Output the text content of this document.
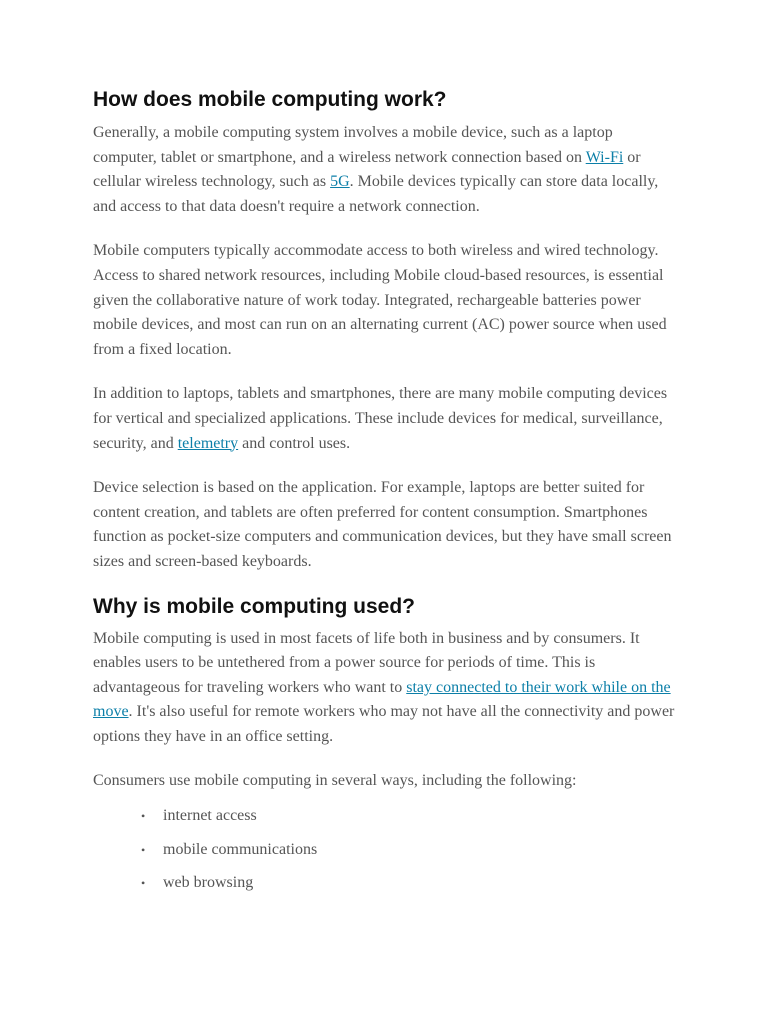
How does mobile computing work?

Generally, a mobile computing system involves a mobile device, such as a laptop computer, tablet or smartphone, and a wireless network connection based on Wi-Fi or cellular wireless technology, such as 5G. Mobile devices typically can store data locally, and access to that data doesn't require a network connection.

Mobile computers typically accommodate access to both wireless and wired technology. Access to shared network resources, including Mobile cloud-based resources, is essential given the collaborative nature of work today. Integrated, rechargeable batteries power mobile devices, and most can run on an alternating current (AC) power source when used from a fixed location.

In addition to laptops, tablets and smartphones, there are many mobile computing devices for vertical and specialized applications. These include devices for medical, surveillance, security, and telemetry and control uses.

Device selection is based on the application. For example, laptops are better suited for content creation, and tablets are often preferred for content consumption. Smartphones function as pocket-size computers and communication devices, but they have small screen sizes and screen-based keyboards.

Why is mobile computing used?

Mobile computing is used in most facets of life both in business and by consumers. It enables users to be untethered from a power source for periods of time. This is advantageous for traveling workers who want to stay connected to their work while on the move. It's also useful for remote workers who may not have all the connectivity and power options they have in an office setting.

Consumers use mobile computing in several ways, including the following:

• internet access
• mobile communications
• web browsing
